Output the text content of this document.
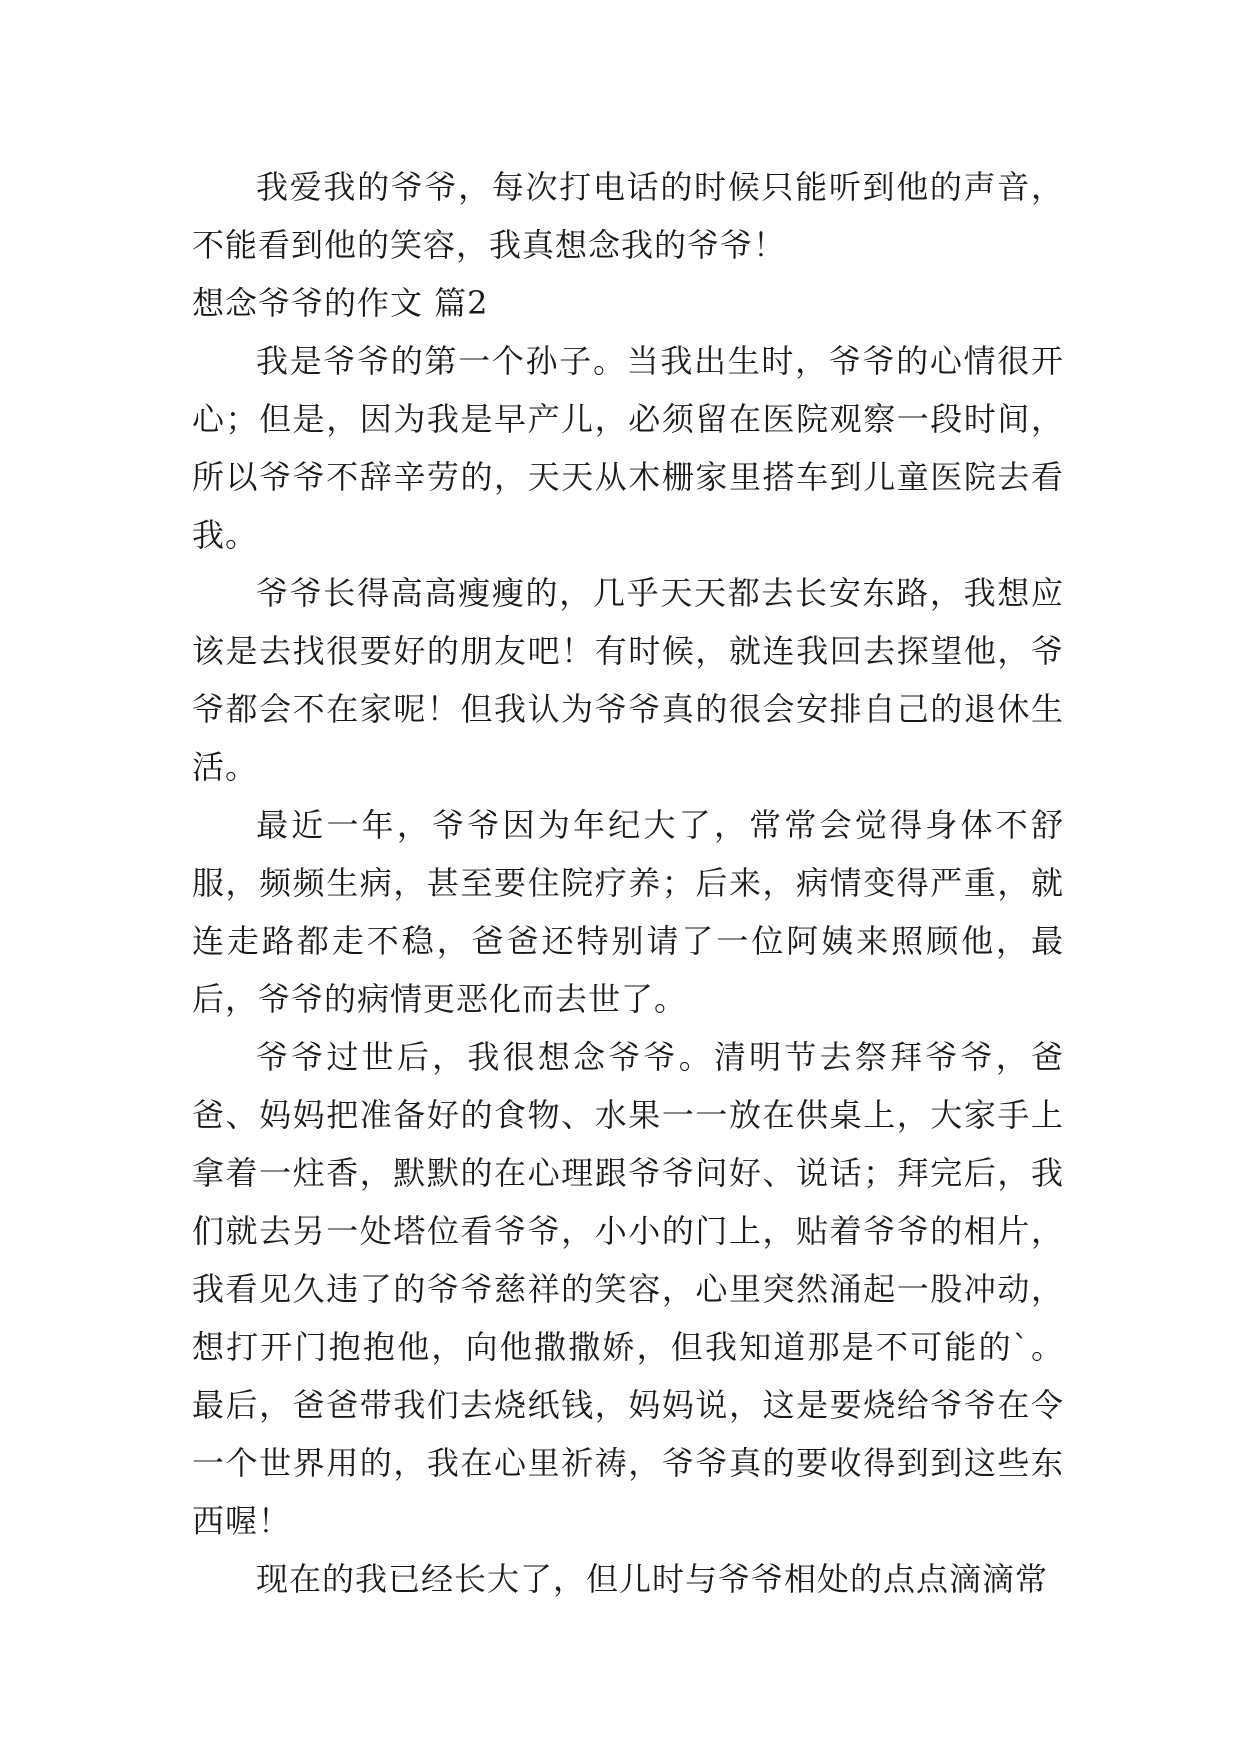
我爱我的爷爷，每次打电话的时候只能听到他的声音，不能看到他的笑容，我真想念我的爷爷！

想念爷爷的作文 篇2

我是爷爷的第一个孙子。当我出生时，爷爷的心情很开心；但是，因为我是早产儿，必须留在医院观察一段时间，所以爷爷不辞辛劳的，天天从木栅家里搭车到儿童医院去看我。

爷爷长得高高瘦瘦的，几乎天天都去长安东路，我想应该是去找很要好的朋友吧！有时候，就连我回去探望他，爷爷都会不在家呢！但我认为爷爷真的很会安排自己的退休生活。

最近一年，爷爷因为年纪大了，常常会觉得身体不舒服，频频生病，甚至要住院疗养；后来，病情变得严重，就连走路都走不稳，爸爸还特别请了一位阿姨来照顾他，最后，爷爷的病情更恶化而去世了。

爷爷过世后，我很想念爷爷。清明节去祭拜爷爷，爸爸、妈妈把准备好的食物、水果一一放在供桌上，大家手上拿着一炷香，默默的在心理跟爷爷问好、说话；拜完后，我们就去另一处塔位看爷爷，小小的门上，贴着爷爷的相片，我看见久违了的爷爷慈祥的笑容，心里突然涌起一股冲动，想打开门抱抱他，向他撒撒娇，但我知道那是不可能的`。最后，爸爸带我们去烧纸钱，妈妈说，这是要烧给爷爷在令一个世界用的，我在心里祈祷，爷爷真的要收得到到这些东西喔！

现在的我已经长大了，但儿时与爷爷相处的点点滴滴常
